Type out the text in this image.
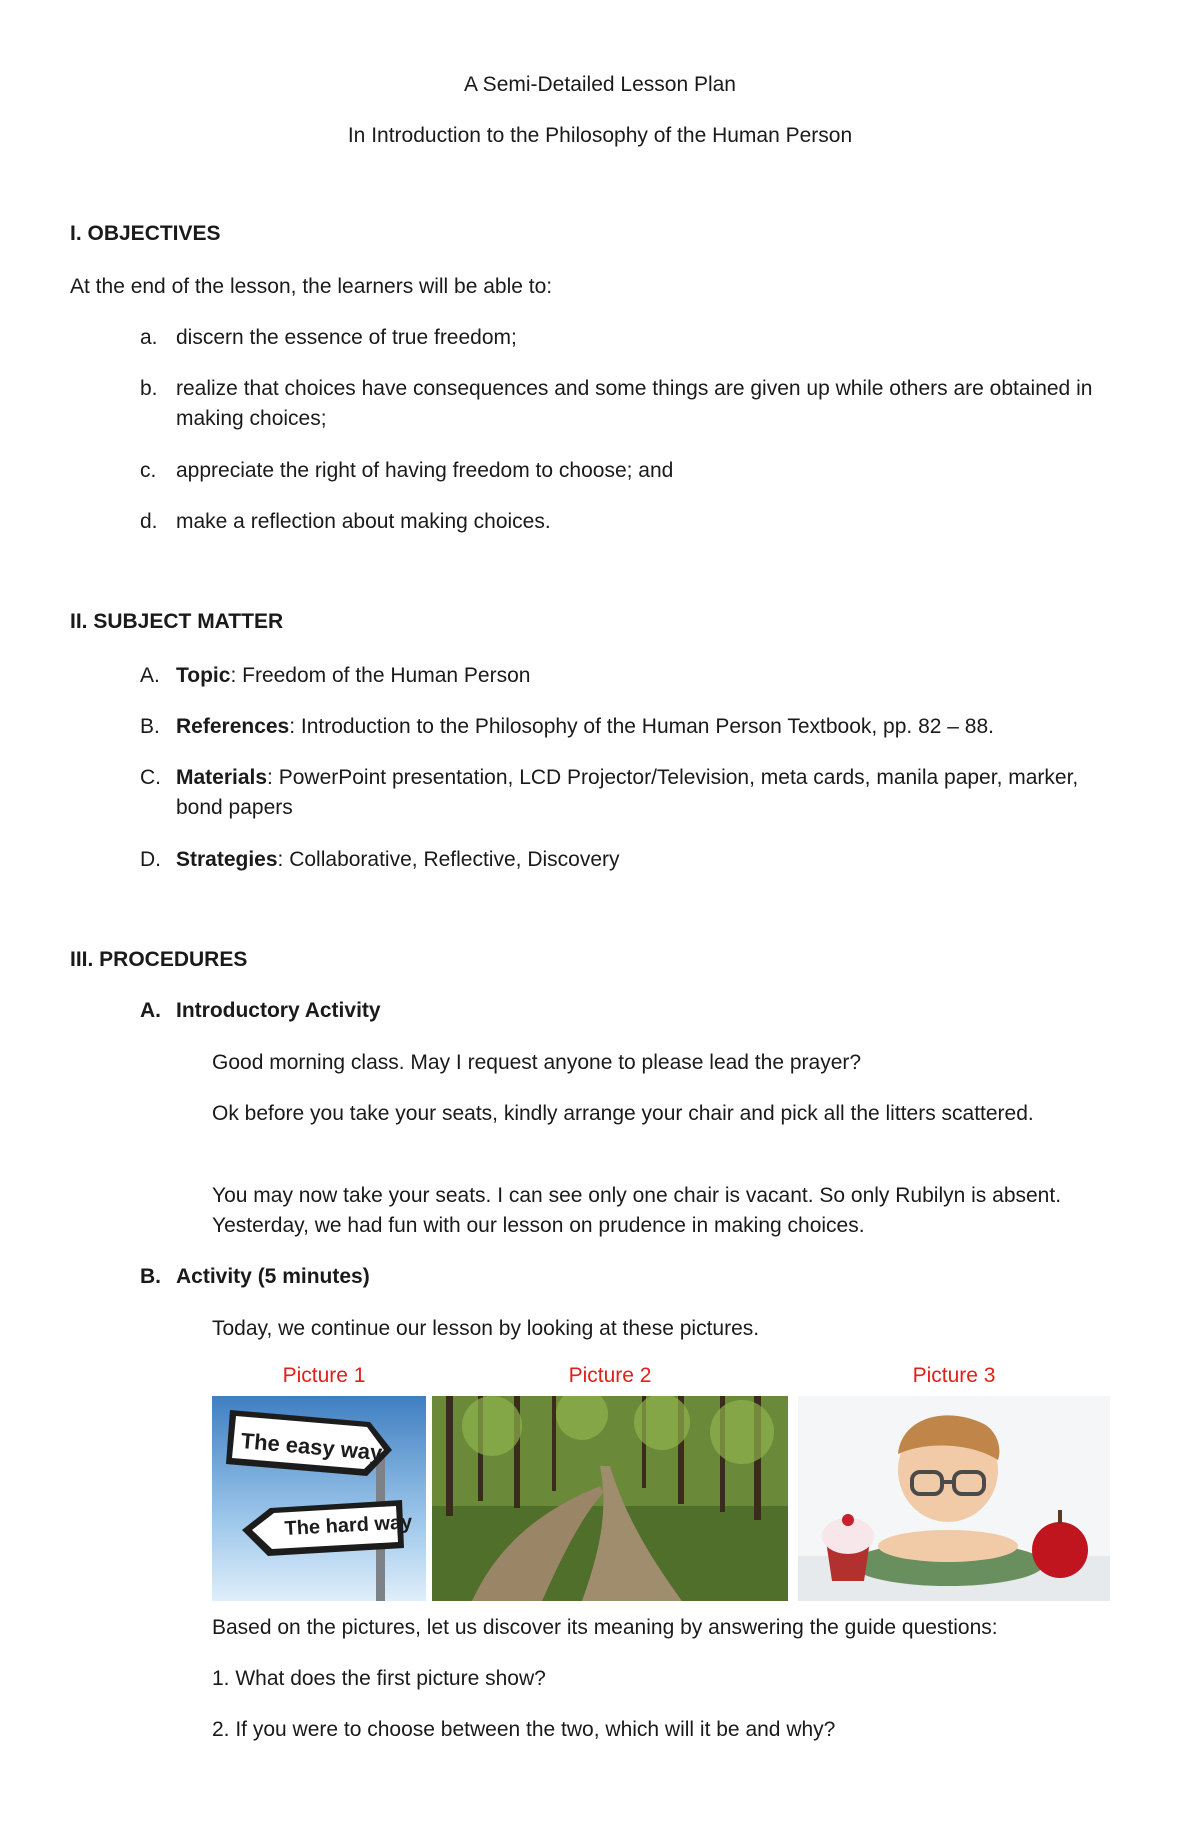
A Semi-Detailed Lesson Plan
In Introduction to the Philosophy of the Human Person
I. OBJECTIVES
At the end of the lesson, the learners will be able to:
a. discern the essence of true freedom;
b. realize that choices have consequences and some things are given up while others are obtained in making choices;
c. appreciate the right of having freedom to choose; and
d. make a reflection about making choices.
II. SUBJECT MATTER
A. Topic: Freedom of the Human Person
B. References: Introduction to the Philosophy of the Human Person Textbook, pp. 82 – 88.
C. Materials: PowerPoint presentation, LCD Projector/Television, meta cards, manila paper, marker, bond papers
D. Strategies: Collaborative, Reflective, Discovery
III. PROCEDURES
A. Introductory Activity
Good morning class. May I request anyone to please lead the prayer?
Ok before you take your seats, kindly arrange your chair and pick all the litters scattered.
You may now take your seats. I can see only one chair is vacant. So only Rubilyn is absent. Yesterday, we had fun with our lesson on prudence in making choices.
B. Activity (5 minutes)
Today, we continue our lesson by looking at these pictures.
Picture 1	Picture 2	Picture 3
The easy way
The hard way
Based on the pictures, let us discover its meaning by answering the guide questions:
1. What does the first picture show?
2. If you were to choose between the two, which will it be and why?
